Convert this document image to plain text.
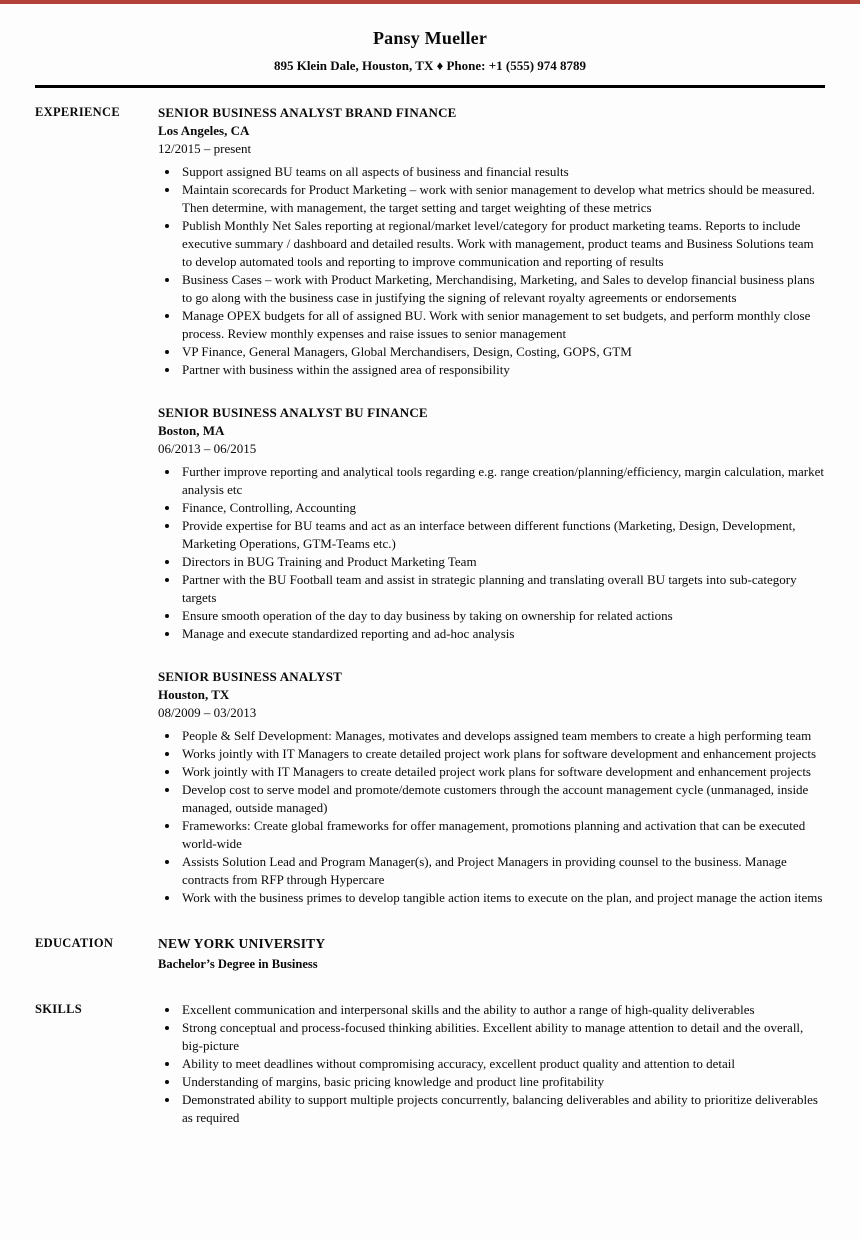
Pansy Mueller
895 Klein Dale, Houston, TX ♦ Phone: +1 (555) 974 8789
EXPERIENCE	SENIOR BUSINESS ANALYST BRAND FINANCE
Los Angeles, CA
12/2015 – present
• Support assigned BU teams on all aspects of business and financial results
• Maintain scorecards for Product Marketing – work with senior management to develop what metrics should be measured. Then determine, with management, the target setting and target weighting of these metrics
• Publish Monthly Net Sales reporting at regional/market level/category for product marketing teams. Reports to include executive summary / dashboard and detailed results. Work with management, product teams and Business Solutions team to develop automated tools and reporting to improve communication and reporting of results
• Business Cases – work with Product Marketing, Merchandising, Marketing, and Sales to develop financial business plans to go along with the business case in justifying the signing of relevant royalty agreements or endorsements
• Manage OPEX budgets for all of assigned BU. Work with senior management to set budgets, and perform monthly close process. Review monthly expenses and raise issues to senior management
• VP Finance, General Managers, Global Merchandisers, Design, Costing, GOPS, GTM
• Partner with business within the assigned area of responsibility
SENIOR BUSINESS ANALYST BU FINANCE
Boston, MA
06/2013 – 06/2015
• Further improve reporting and analytical tools regarding e.g. range creation/planning/efficiency, margin calculation, market analysis etc
• Finance, Controlling, Accounting
• Provide expertise for BU teams and act as an interface between different functions (Marketing, Design, Development, Marketing Operations, GTM-Teams etc.)
• Directors in BUG Training and Product Marketing Team
• Partner with the BU Football team and assist in strategic planning and translating overall BU targets into sub-category targets
• Ensure smooth operation of the day to day business by taking on ownership for related actions
• Manage and execute standardized reporting and ad-hoc analysis
SENIOR BUSINESS ANALYST
Houston, TX
08/2009 – 03/2013
• People & Self Development: Manages, motivates and develops assigned team members to create a high performing team
• Works jointly with IT Managers to create detailed project work plans for software development and enhancement projects
• Work jointly with IT Managers to create detailed project work plans for software development and enhancement projects
• Develop cost to serve model and promote/demote customers through the account management cycle (unmanaged, inside managed, outside managed)
• Frameworks: Create global frameworks for offer management, promotions planning and activation that can be executed world-wide
• Assists Solution Lead and Program Manager(s), and Project Managers in providing counsel to the business. Manage contracts from RFP through Hypercare
• Work with the business primes to develop tangible action items to execute on the plan, and project manage the action items
EDUCATION	NEW YORK UNIVERSITY
Bachelor’s Degree in Business
SKILLS	• Excellent communication and interpersonal skills and the ability to author a range of high-quality deliverables
• Strong conceptual and process-focused thinking abilities. Excellent ability to manage attention to detail and the overall, big-picture
• Ability to meet deadlines without compromising accuracy, excellent product quality and attention to detail
• Understanding of margins, basic pricing knowledge and product line profitability
• Demonstrated ability to support multiple projects concurrently, balancing deliverables and ability to prioritize deliverables as required
